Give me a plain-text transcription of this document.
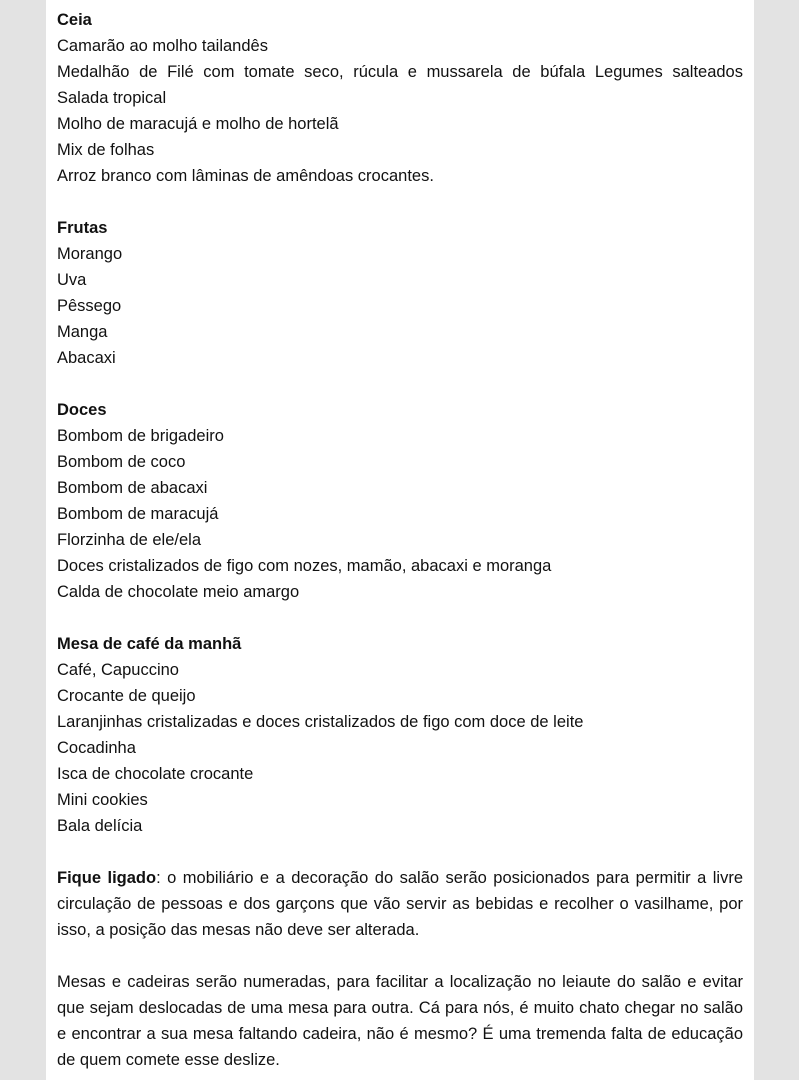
Ceia
Camarão ao molho tailandês
Medalhão de Filé com tomate seco, rúcula e mussarela de búfala Legumes salteados
Salada tropical
Molho de maracujá e molho de hortelã
Mix de folhas
Arroz branco com lâminas de amêndoas crocantes.
Frutas
Morango
Uva
Pêssego
Manga
Abacaxi
Doces
Bombom de brigadeiro
Bombom de coco
Bombom de abacaxi
Bombom de maracujá
Florzinha de ele/ela
Doces cristalizados de figo com nozes, mamão, abacaxi e moranga
Calda de chocolate meio amargo
Mesa de café da manhã
Café, Capuccino
Crocante de queijo
Laranjinhas cristalizadas e doces cristalizados de figo com doce de leite
Cocadinha
Isca de chocolate crocante
Mini cookies
Bala delícia

Fique ligado: o mobiliário e a decoração do salão serão posicionados para permitir a livre circulação de pessoas e dos garçons que vão servir as bebidas e recolher o vasilhame, por isso, a posição das mesas não deve ser alterada.

Mesas e cadeiras serão numeradas, para facilitar a localização no leiaute do salão e evitar que sejam deslocadas de uma mesa para outra. Cá para nós, é muito chato chegar no salão e encontrar a sua mesa faltando cadeira, não é mesmo? É uma tremenda falta de educação de quem comete esse deslize.
